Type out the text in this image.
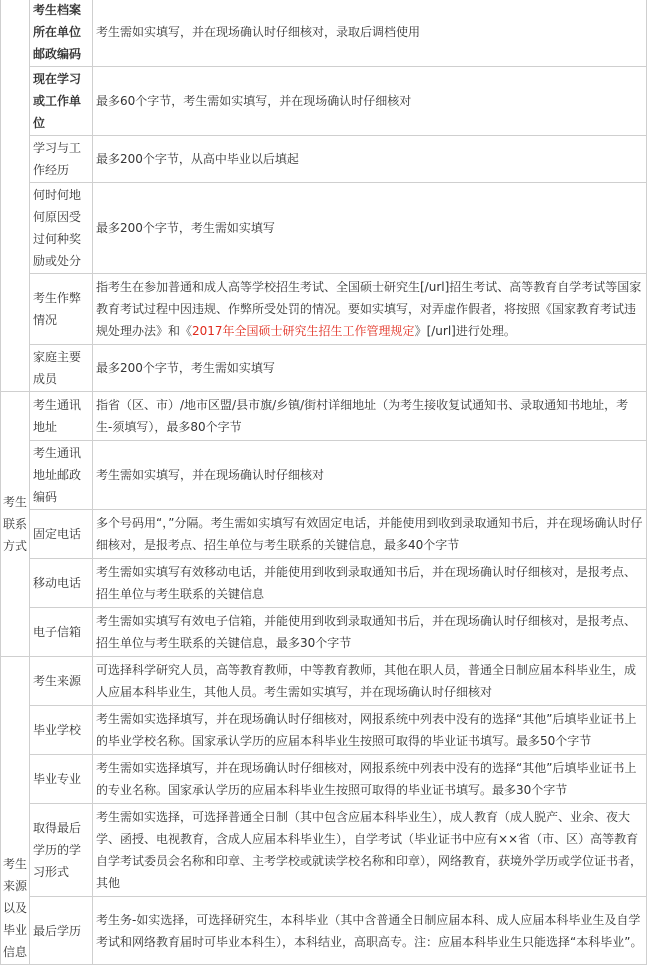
	考生档案所在单位邮政编码	考生需如实填写，并在现场确认时仔细核对，录取后调档使用
	现在学习或工作单位	最多60个字节，考生需如实填写，并在现场确认时仔细核对
	学习与工作经历	最多200个字节，从高中毕业以后填起
	何时何地何原因受过何种奖励或处分	最多200个字节，考生需如实填写
	考生作弊情况	指考生在参加普通和成人高等学校招生考试、全国硕士研究生[/url]招生考试、高等教育自学考试等国家教育考试过程中因违规、作弊所受处罚的情况。要如实填写，对弄虚作假者，将按照《国家教育考试违规处理办法》和《2017年全国硕士研究生招生工作管理规定》[/url]进行处理。
	家庭主要成员	最多200个字节，考生需如实填写
考生联系方式	考生通讯地址	指省（区、市）/地市区盟/县市旗/乡镇/街村详细地址（为考生接收复试通知书、录取通知书地址，考生-须填写），最多80个字节
	考生通讯地址邮政编码	考生需如实填写，并在现场确认时仔细核对
	固定电话	多个号码用“，”分隔。考生需如实填写有效固定电话，并能使用到收到录取通知书后，并在现场确认时仔细核对，是报考点、招生单位与考生联系的关键信息，最多40个字节
	移动电话	考生需如实填写有效移动电话，并能使用到收到录取通知书后，并在现场确认时仔细核对，是报考点、招生单位与考生联系的关键信息
	电子信箱	考生需如实填写有效电子信箱，并能使用到收到录取通知书后，并在现场确认时仔细核对，是报考点、招生单位与考生联系的关键信息，最多30个字节
考生来源以及毕业信息	考生来源	可选择科学研究人员，高等教育教师，中等教育教师，其他在职人员，普通全日制应届本科毕业生，成人应届本科毕业生，其他人员。考生需如实填写，并在现场确认时仔细核对
	毕业学校	考生需如实选择填写，并在现场确认时仔细核对，网报系统中列表中没有的选择“其他”后填毕业证书上的毕业学校名称。国家承认学历的应届本科毕业生按照可取得的毕业证书填写。最多50个字节
	毕业专业	考生需如实选择填写，并在现场确认时仔细核对，网报系统中列表中没有的选择“其他”后填毕业证书上的专业名称。国家承认学历的应届本科毕业生按照可取得的毕业证书填写。最多30个字节
	取得最后学历的学习形式	考生需如实选择，可选择普通全日制（其中包含应届本科毕业生），成人教育（成人脱产、业余、夜大学、函授、电视教育，含成人应届本科毕业生），自学考试（毕业证书中应有××省（市、区）高等教育自学考试委员会名称和印章、主考学校或就读学校名称和印章），网络教育，获境外学历或学位证书者，其他
	最后学历	考生务-如实选择，可选择研究生，本科毕业（其中含普通全日制应届本科、成人应届本科毕业生及自学考试和网络教育届时可毕业本科生），本科结业，高职高专。注：应届本科毕业生只能选择“本科毕业”。
